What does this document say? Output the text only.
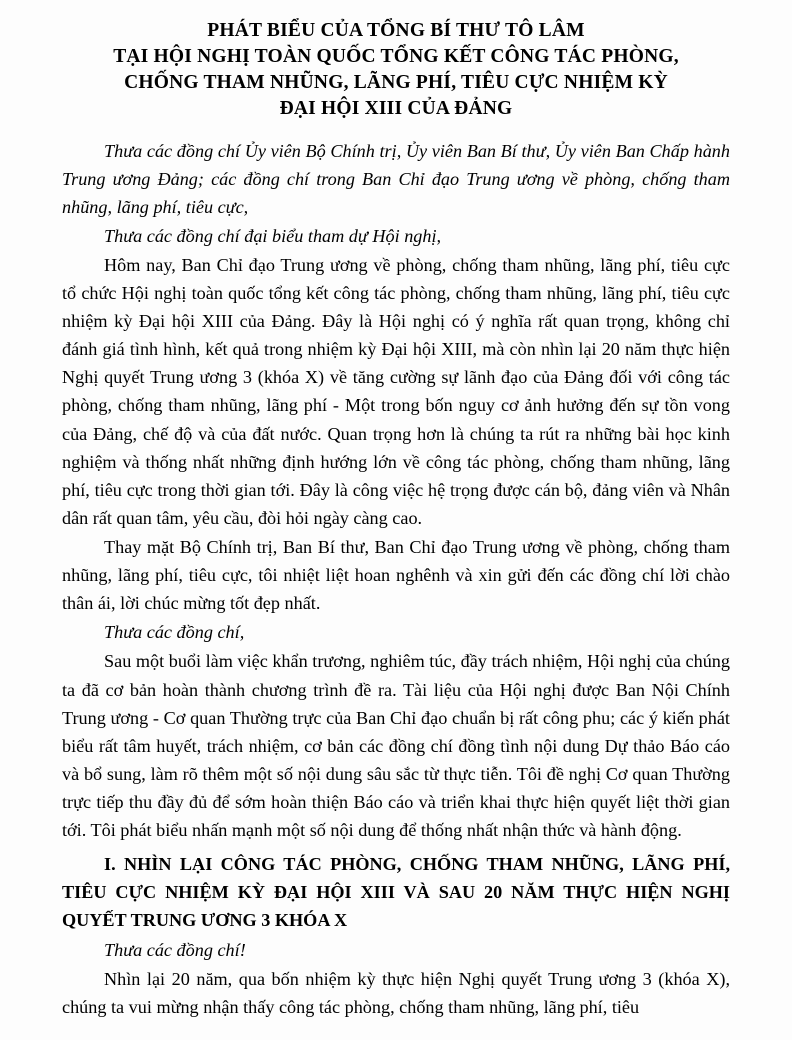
PHÁT BIỂU CỦA TỔNG BÍ THƯ TÔ LÂM
TẠI HỘI NGHỊ TOÀN QUỐC TỔNG KẾT CÔNG TÁC PHÒNG,
CHỐNG THAM NHŨNG, LÃNG PHÍ, TIÊU CỰC NHIỆM KỲ
ĐẠI HỘI XIII CỦA ĐẢNG

Thưa các đồng chí Ủy viên Bộ Chính trị, Ủy viên Ban Bí thư, Ủy viên Ban Chấp hành Trung ương Đảng; các đồng chí trong Ban Chỉ đạo Trung ương về phòng, chống tham nhũng, lãng phí, tiêu cực,

Thưa các đồng chí đại biểu tham dự Hội nghị,

Hôm nay, Ban Chỉ đạo Trung ương về phòng, chống tham nhũng, lãng phí, tiêu cực tổ chức Hội nghị toàn quốc tổng kết công tác phòng, chống tham nhũng, lãng phí, tiêu cực nhiệm kỳ Đại hội XIII của Đảng. Đây là Hội nghị có ý nghĩa rất quan trọng, không chỉ đánh giá tình hình, kết quả trong nhiệm kỳ Đại hội XIII, mà còn nhìn lại 20 năm thực hiện Nghị quyết Trung ương 3 (khóa X) về tăng cường sự lãnh đạo của Đảng đối với công tác phòng, chống tham nhũng, lãng phí - Một trong bốn nguy cơ ảnh hưởng đến sự tồn vong của Đảng, chế độ và của đất nước. Quan trọng hơn là chúng ta rút ra những bài học kinh nghiệm và thống nhất những định hướng lớn về công tác phòng, chống tham nhũng, lãng phí, tiêu cực trong thời gian tới. Đây là công việc hệ trọng được cán bộ, đảng viên và Nhân dân rất quan tâm, yêu cầu, đòi hỏi ngày càng cao.

Thay mặt Bộ Chính trị, Ban Bí thư, Ban Chỉ đạo Trung ương về phòng, chống tham nhũng, lãng phí, tiêu cực, tôi nhiệt liệt hoan nghênh và xin gửi đến các đồng chí lời chào thân ái, lời chúc mừng tốt đẹp nhất.

Thưa các đồng chí,

Sau một buổi làm việc khẩn trương, nghiêm túc, đầy trách nhiệm, Hội nghị của chúng ta đã cơ bản hoàn thành chương trình đề ra. Tài liệu của Hội nghị được Ban Nội Chính Trung ương - Cơ quan Thường trực của Ban Chỉ đạo chuẩn bị rất công phu; các ý kiến phát biểu rất tâm huyết, trách nhiệm, cơ bản các đồng chí đồng tình nội dung Dự thảo Báo cáo và bổ sung, làm rõ thêm một số nội dung sâu sắc từ thực tiễn. Tôi đề nghị Cơ quan Thường trực tiếp thu đầy đủ để sớm hoàn thiện Báo cáo và triển khai thực hiện quyết liệt thời gian tới. Tôi phát biểu nhấn mạnh một số nội dung để thống nhất nhận thức và hành động.

I. NHÌN LẠI CÔNG TÁC PHÒNG, CHỐNG THAM NHŨNG, LÃNG PHÍ, TIÊU CỰC NHIỆM KỲ ĐẠI HỘI XIII VÀ SAU 20 NĂM THỰC HIỆN NGHỊ QUYẾT TRUNG ƯƠNG 3 KHÓA X

Thưa các đồng chí!

Nhìn lại 20 năm, qua bốn nhiệm kỳ thực hiện Nghị quyết Trung ương 3 (khóa X), chúng ta vui mừng nhận thấy công tác phòng, chống tham nhũng, lãng phí, tiêu
